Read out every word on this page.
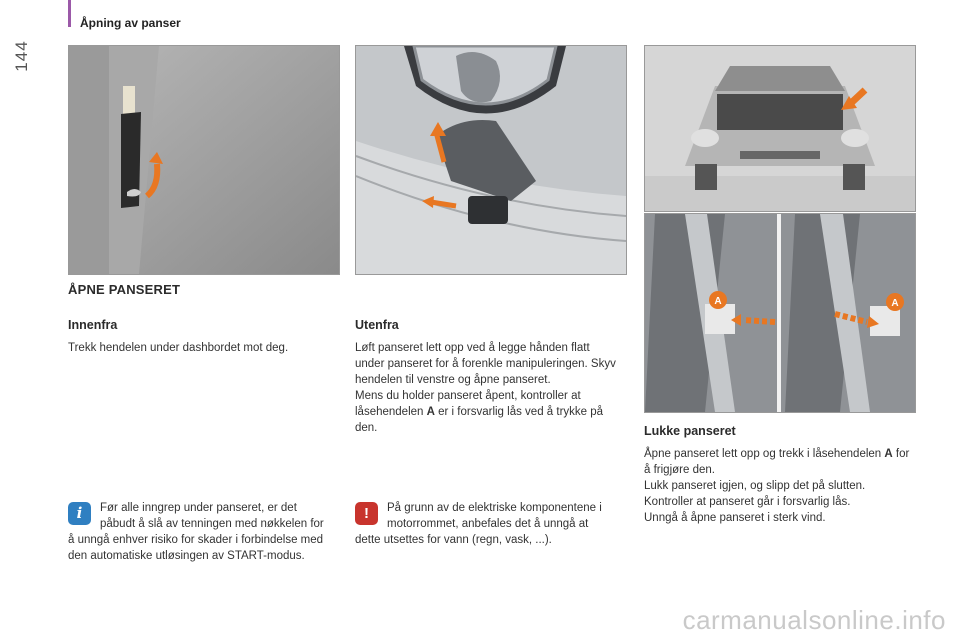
144
Åpning av panser
A	A
ÅPNE PANSERET
Innenfra
Trekk hendelen under dashbordet mot deg.
Utenfra

Løft panseret lett opp ved å legge hånden flatt under panseret for å forenkle manipuleringen. Skyv hendelen til venstre og åpne panseret.

Mens du holder panseret åpent, kontroller at låsehendelen A er i forsvarlig lås ved å trykke på den.	Lukke panseret

Åpne panseret lett opp og trekk i låsehendelen A for å frigjøre den.

Lukk panseret igjen, og slipp det på slutten.

Kontroller at panseret går i forsvarlig lås.

Unngå å åpne panseret i sterk vind.

i	Før alle inngrep under panseret, er det påbudt å slå av tenningen med nøkkelen for å unngå enhver risiko for skader i forbindelse med den automatiske utløsingen av START-modus.
!	På grunn av de elektriske komponentene i motorrommet, anbefales det å unngå at dette utsettes for vann (regn, vask, ...).
carmanualsonline.info
